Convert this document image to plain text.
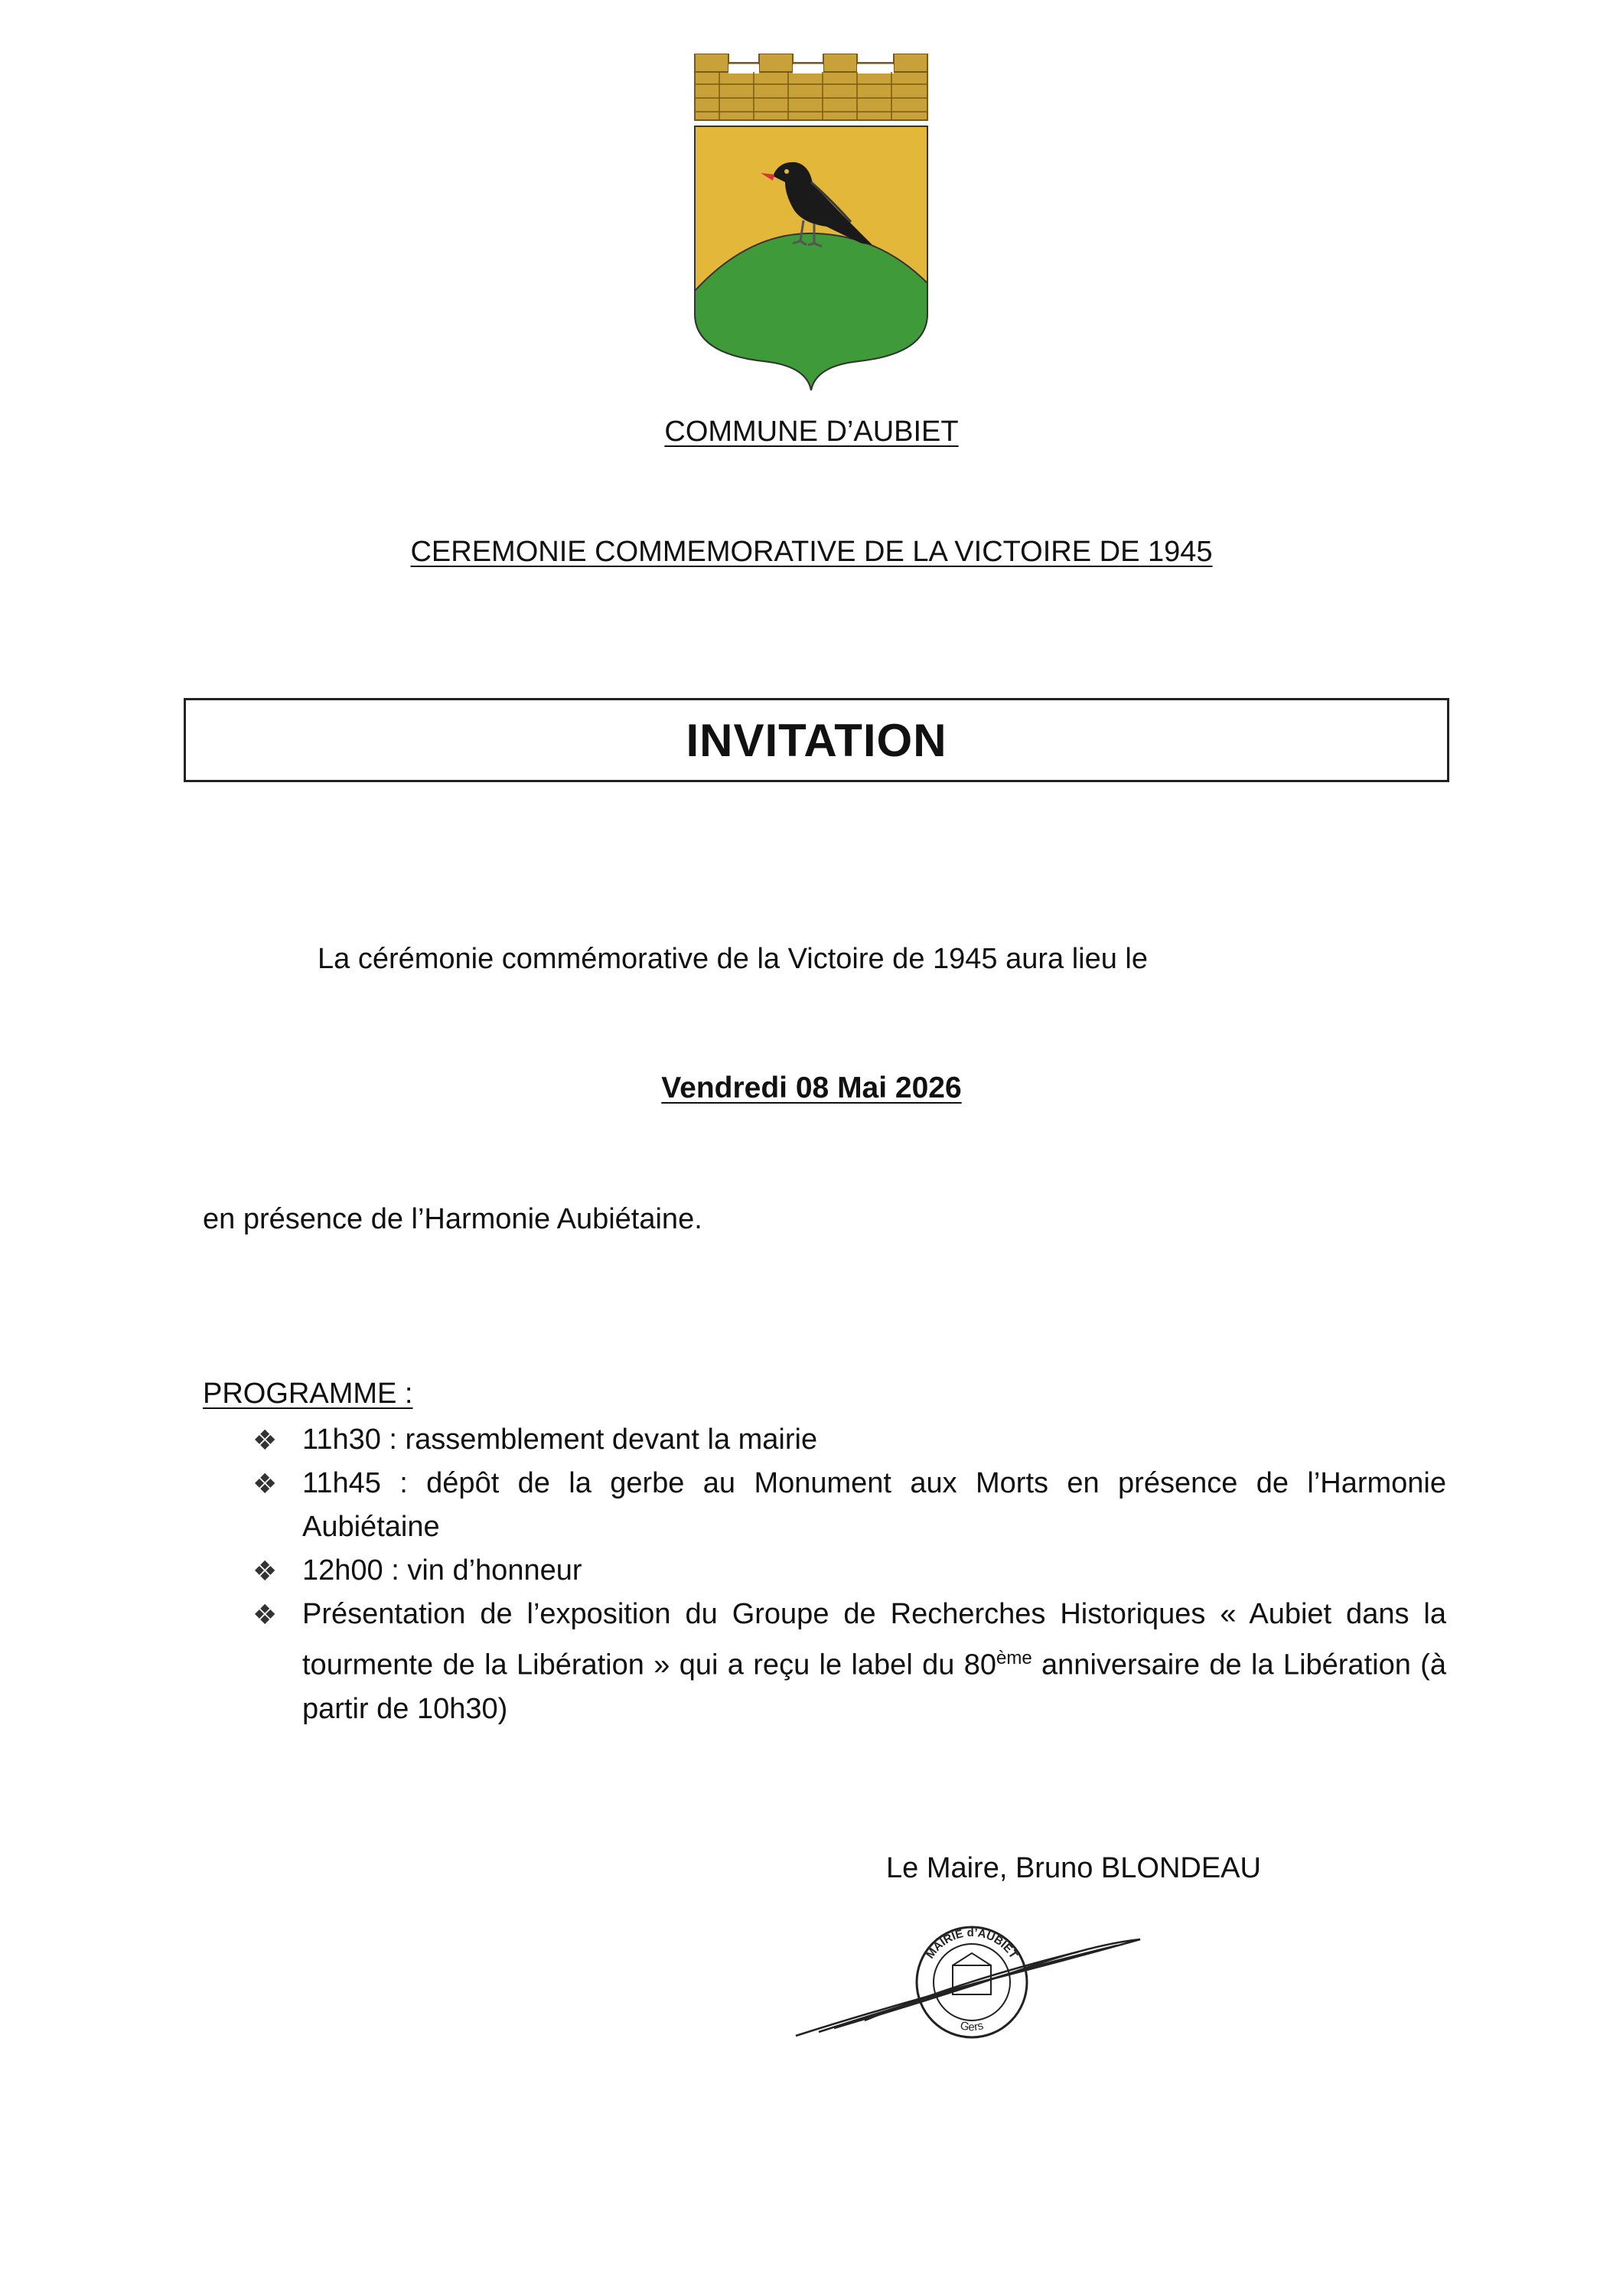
COMMUNE D’AUBIET
CEREMONIE COMMEMORATIVE DE LA VICTOIRE DE 1945
INVITATION
La cérémonie commémorative de la Victoire de 1945 aura lieu le
Vendredi 08 Mai 2026
en présence de l’Harmonie Aubiétaine.
PROGRAMME :
❖ 11h30 : rassemblement devant la mairie
❖ 11h45 : dépôt de la gerbe au Monument aux Morts en présence de l’Harmonie Aubiétaine
❖ 12h00 : vin d’honneur
❖ Présentation de l’exposition du Groupe de Recherches Historiques « Aubiet dans la tourmente de la Libération » qui a reçu le label du 80ème anniversaire de la Libération (à partir de 10h30)
Le Maire, Bruno BLONDEAU
MAIRIE d’AUBIET
Gers
